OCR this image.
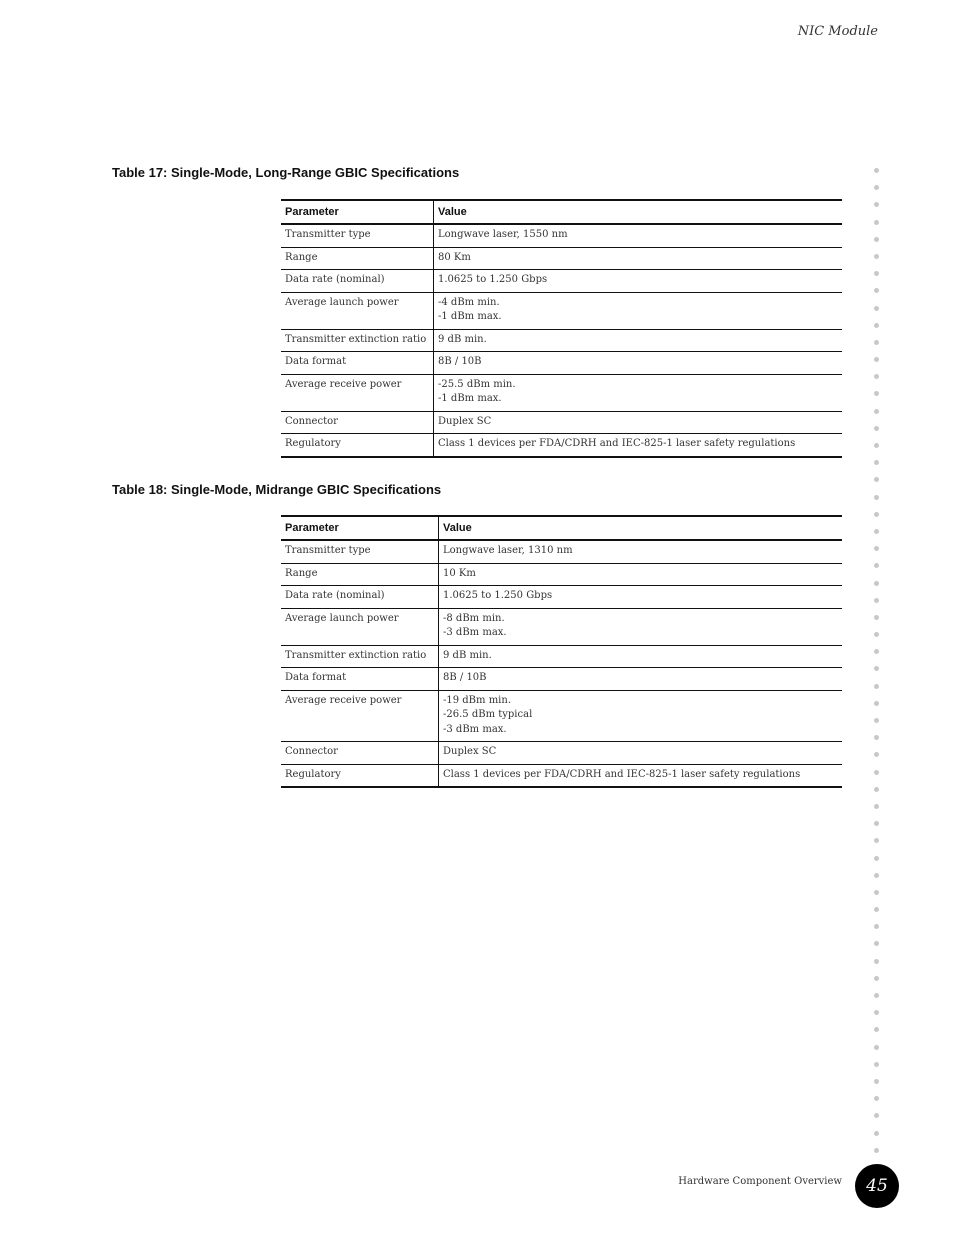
NIC Module
Table 17: Single-Mode, Long-Range GBIC Specifications
Parameter	Value
Transmitter type	Longwave laser, 1550 nm
Range	80 Km
Data rate (nominal)	1.0625 to 1.250 Gbps
Average launch power	-4 dBm min.
-1 dBm max.
Transmitter extinction ratio	9 dB min.
Data format	8B / 10B
Average receive power	-25.5 dBm min.
-1 dBm max.
Connector	Duplex SC
Regulatory	Class 1 devices per FDA/CDRH and IEC-825-1 laser safety regulations
Table 18: Single-Mode, Midrange GBIC Specifications
Parameter	Value
Transmitter type	Longwave laser, 1310 nm
Range	10 Km
Data rate (nominal)	1.0625 to 1.250 Gbps
Average launch power	-8 dBm min.
-3 dBm max.
Transmitter extinction ratio	9 dB min.
Data format	8B / 10B
Average receive power	-19 dBm min.
-26.5 dBm typical
-3 dBm max.
Connector	Duplex SC
Regulatory	Class 1 devices per FDA/CDRH and IEC-825-1 laser safety regulations
Hardware Component Overview 45
